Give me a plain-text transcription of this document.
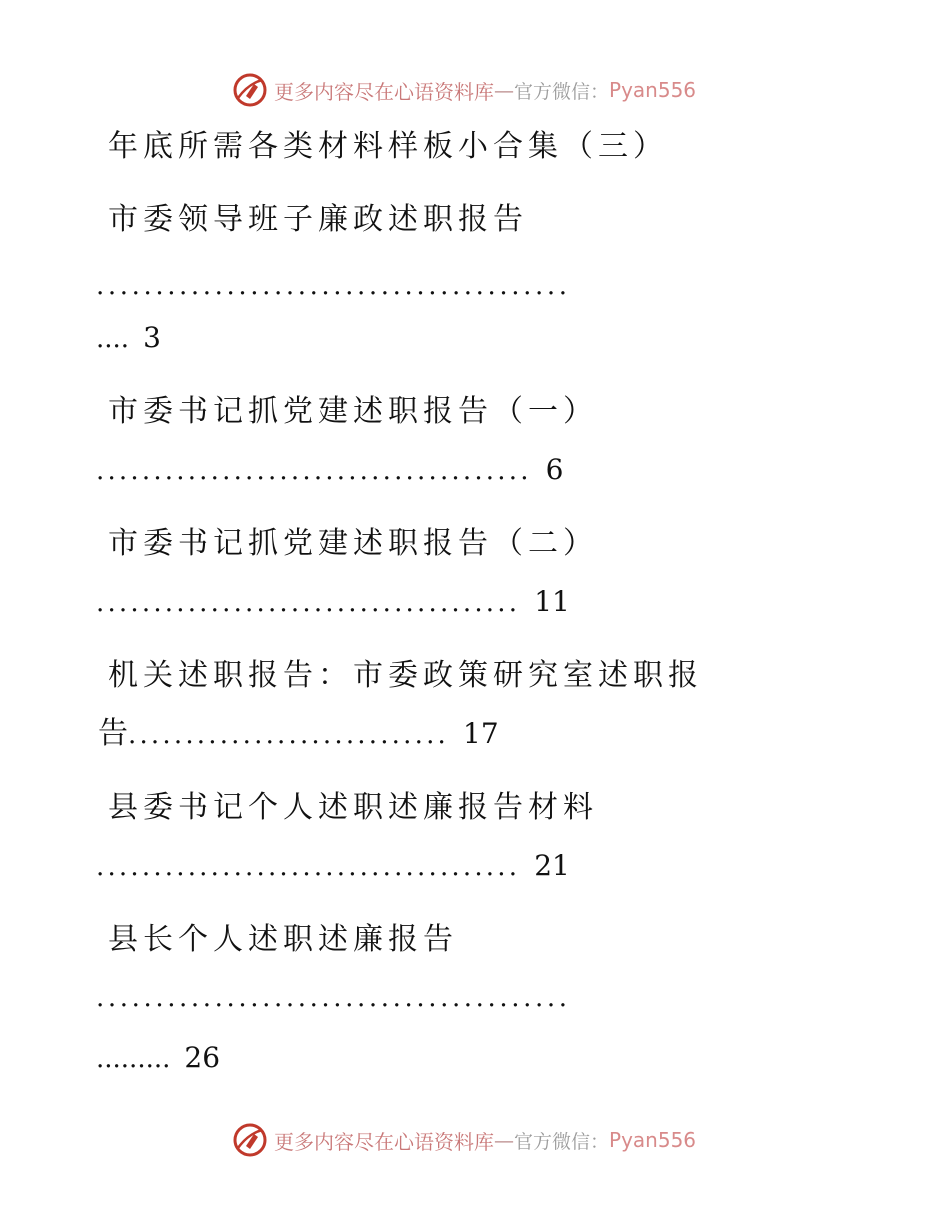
更多内容尽在心语资料库 — 官方微信： Pyan556
年底所需各类材料样板小合集（三）
市委领导班子廉政述职报告
........................................
.... 3
市委书记抓党建述职报告（一）
...................................... 6
市委书记抓党建述职报告（二）
..................................... 11
机关述职报告：市委政策研究室述职报
告............................ 17
县委书记个人述职述廉报告材料
..................................... 21
县长个人述职述廉报告
........................................
......... 26
更多内容尽在心语资料库 — 官方微信： Pyan556
